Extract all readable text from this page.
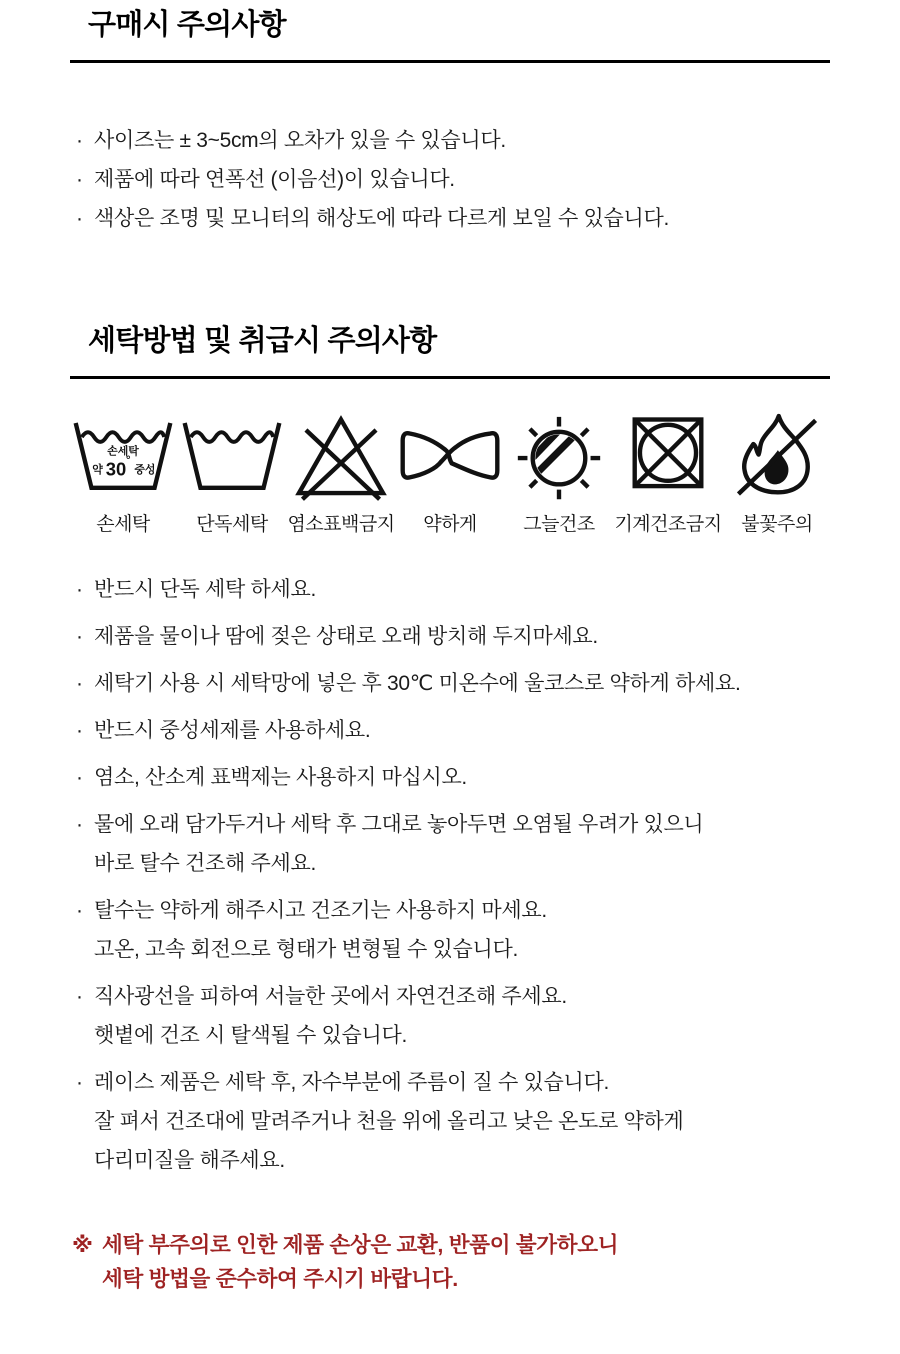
구매시 주의사항
· 사이즈는 ± 3~5cm의 오차가 있을 수 있습니다.
· 제품에 따라 연폭선 (이음선)이 있습니다.
· 색상은 조명 및 모니터의 해상도에 따라 다르게 보일 수 있습니다.
세탁방법 및 취급시 주의사항
손세탁
약 30 °
중성
손세탁 단독세탁 염소표백금지 약하게 그늘건조 기계건조금지 불꽃주의
· 반드시 단독 세탁 하세요.
· 제품을 물이나 땀에 젖은 상태로 오래 방치해 두지마세요.
· 세탁기 사용 시 세탁망에 넣은 후 30℃ 미온수에 울코스로 약하게 하세요.
· 반드시 중성세제를 사용하세요.
· 염소, 산소계 표백제는 사용하지 마십시오.
· 물에 오래 담가두거나 세탁 후 그대로 놓아두면 오염될 우려가 있으니
바로 탈수 건조해 주세요.
· 탈수는 약하게 해주시고 건조기는 사용하지 마세요.
고온, 고속 회전으로 형태가 변형될 수 있습니다.
· 직사광선을 피하여 서늘한 곳에서 자연건조해 주세요.
햇볕에 건조 시 탈색될 수 있습니다.
· 레이스 제품은 세탁 후, 자수부분에 주름이 질 수 있습니다.
잘 펴서 건조대에 말려주거나 천을 위에 올리고 낮은 온도로 약하게
다리미질을 해주세요.
※ 세탁 부주의로 인한 제품 손상은 교환, 반품이 불가하오니
세탁 방법을 준수하여 주시기 바랍니다.
